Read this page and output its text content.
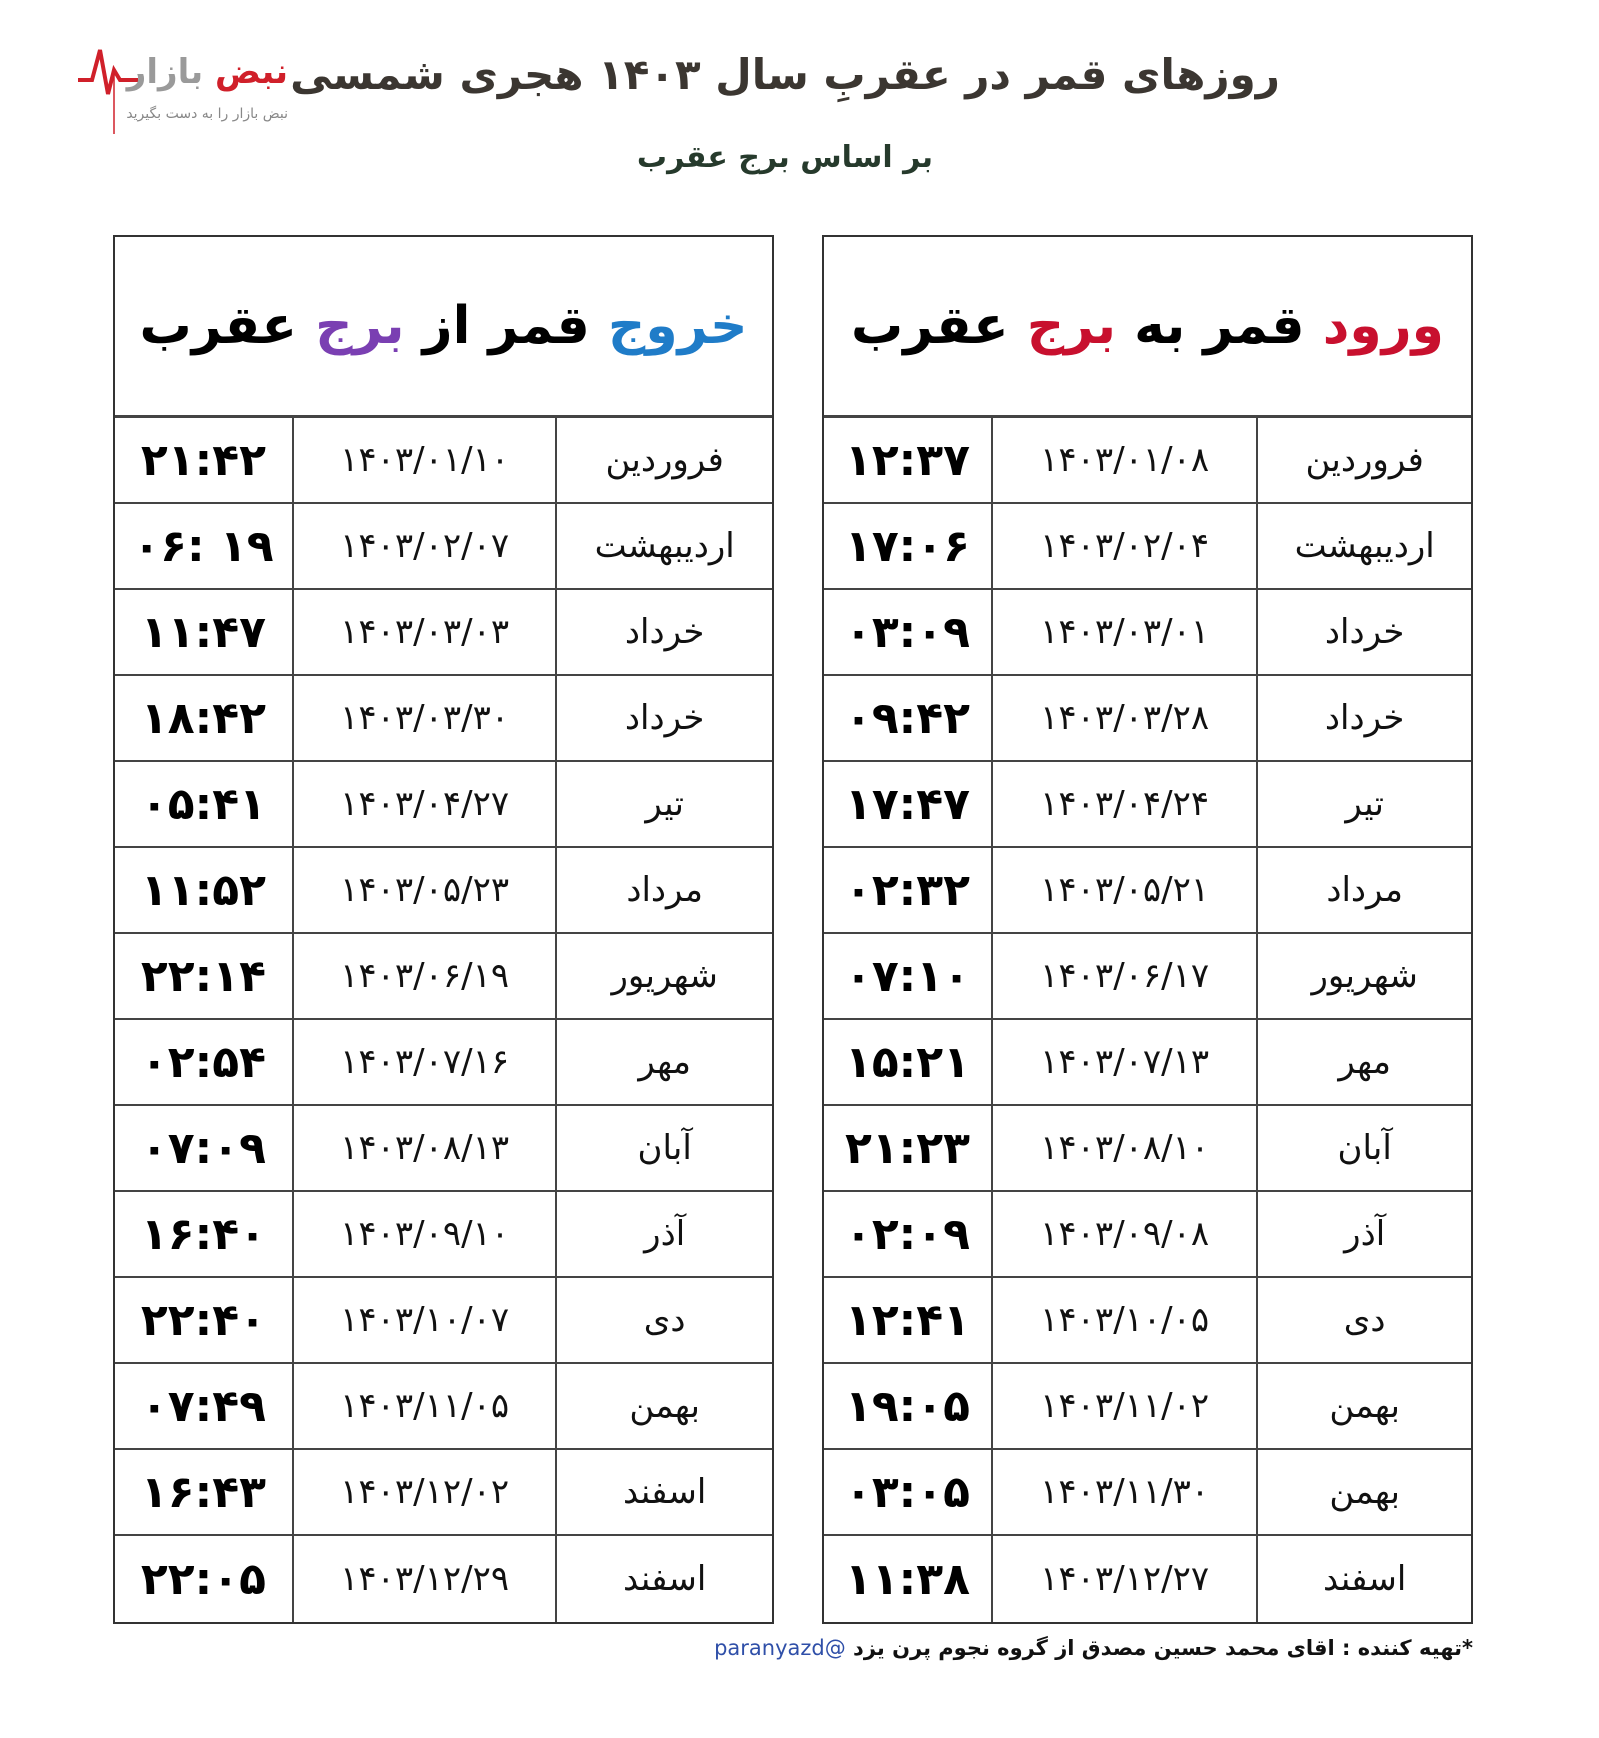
نبض بازار
نبض بازار را به دست بگیرید
روزهای قمر در عقربِ سال ۱۴۰۳ هجری شمسی
بر اساس برج عقرب
خروج
قمر از
برج
عقرب
فروردین
۱۴۰۳/۰۱/۱۰
۲۱:۴۲
اردیبهشت
۱۴۰۳/۰۲/۰۷
۰۶: ۱۹
خرداد
۱۴۰۳/۰۳/۰۳
۱۱:۴۷
خرداد
۱۴۰۳/۰۳/۳۰
۱۸:۴۲
تیر
۱۴۰۳/۰۴/۲۷
۰۵:۴۱
مرداد
۱۴۰۳/۰۵/۲۳
۱۱:۵۲
شهریور
۱۴۰۳/۰۶/۱۹
۲۲:۱۴
مهر
۱۴۰۳/۰۷/۱۶
۰۲:۵۴
آبان
۱۴۰۳/۰۸/۱۳
۰۷:۰۹
آذر
۱۴۰۳/۰۹/۱۰
۱۶:۴۰
دی
۱۴۰۳/۱۰/۰۷
۲۲:۴۰
بهمن
۱۴۰۳/۱۱/۰۵
۰۷:۴۹
اسفند
۱۴۰۳/۱۲/۰۲
۱۶:۴۳
اسفند
۱۴۰۳/۱۲/۲۹
۲۲:۰۵
ورود
قمر به
برج
عقرب
فروردین
۱۴۰۳/۰۱/۰۸
۱۲:۳۷
اردیبهشت
۱۴۰۳/۰۲/۰۴
۱۷:۰۶
خرداد
۱۴۰۳/۰۳/۰۱
۰۳:۰۹
خرداد
۱۴۰۳/۰۳/۲۸
۰۹:۴۲
تیر
۱۴۰۳/۰۴/۲۴
۱۷:۴۷
مرداد
۱۴۰۳/۰۵/۲۱
۰۲:۳۲
شهریور
۱۴۰۳/۰۶/۱۷
۰۷:۱۰
مهر
۱۴۰۳/۰۷/۱۳
۱۵:۲۱
آبان
۱۴۰۳/۰۸/۱۰
۲۱:۲۳
آذر
۱۴۰۳/۰۹/۰۸
۰۲:۰۹
دی
۱۴۰۳/۱۰/۰۵
۱۲:۴۱
بهمن
۱۴۰۳/۱۱/۰۲
۱۹:۰۵
بهمن
۱۴۰۳/۱۱/۳۰
۰۳:۰۵
اسفند
۱۴۰۳/۱۲/۲۷
۱۱:۳۸
*تهیه کننده : اقای محمد حسین مصدق از گروه نجوم پرن یزد @paranyazd
